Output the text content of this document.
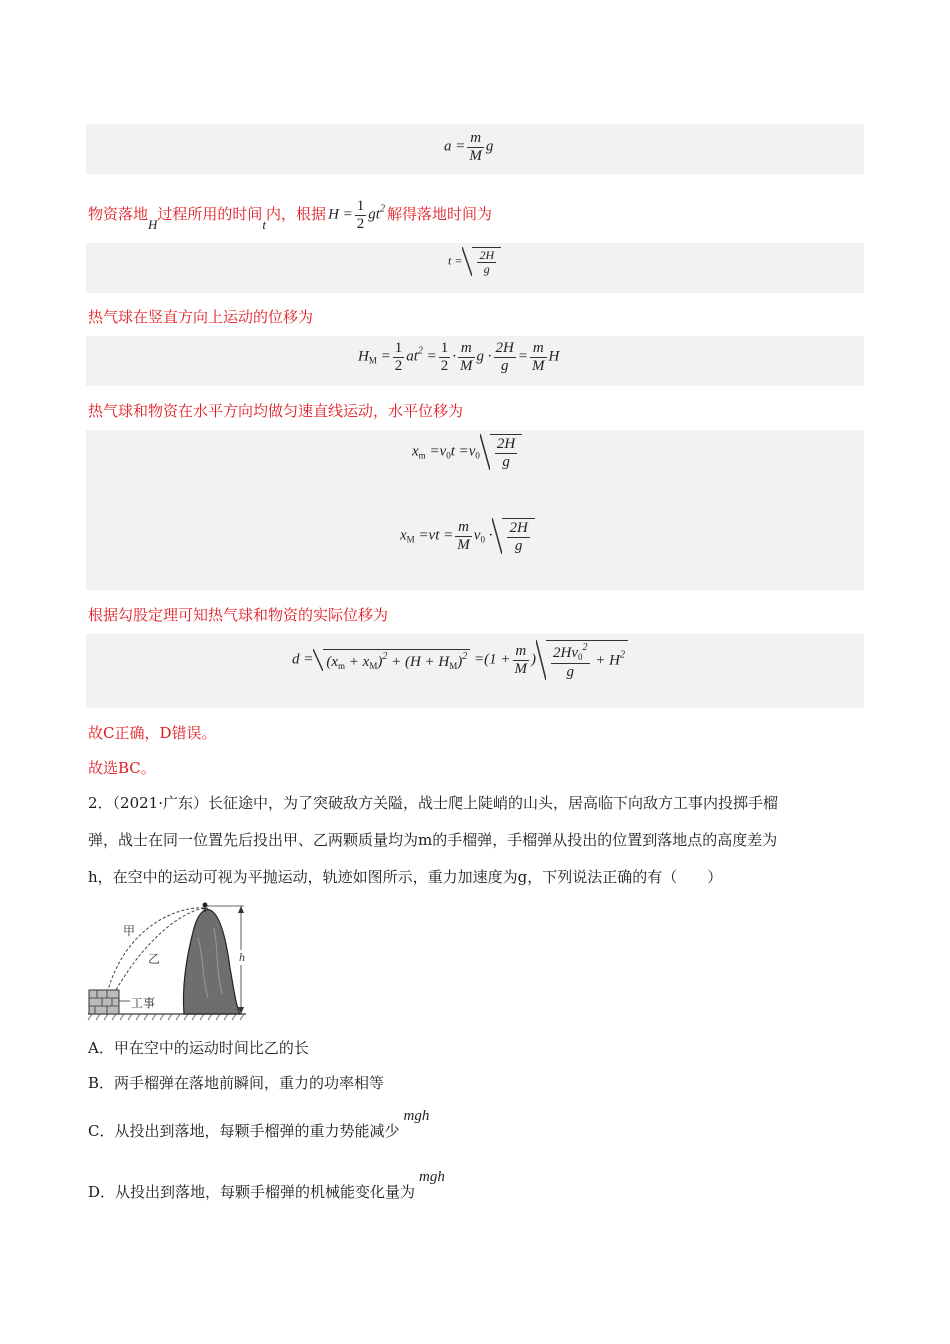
$a = \frac{m}{M}$ g
物资落地H过程所用的时间t内，根据 $H = \frac{1}{2} gt^2$ 解得落地时间为
$t = \frac{2H}{g}$
热气球在竖直方向上运动的位移为
$H_M = \frac{1}{2} at^2 = \frac{1}{2} \cdot \frac{m}{M}$ $g \cdot \frac{2H}{g} = \frac{m}{M}$ H
热气球和物资在水平方向均做匀速直线运动，水平位移为
$x_m =v_0t =v_0 \frac{2H}{g}$
$x_M =vt = \frac{m}{M} v_0 \cdot \frac{2H}{g}$
根据勾股定理可知热气球和物资的实际位移为
$d = (x_m + x_M)^2 + (H + H_M)^2 =(1 + \frac{m}{M}$ ) $\frac{2Hv_0^2}{g} + H^2$
故C正确，D错误。
故选BC。
2．（2021·广东）长征途中，为了突破敌方关隘，战士爬上陡峭的山头，居高临下向敌方工事内投掷手榴
弹，战士在同一位置先后投出甲、乙两颗质量均为m的手榴弹，手榴弹从投出的位置到落地点的高度差为
h，在空中的运动可视为平抛运动，轨迹如图所示，重力加速度为g，下列说法正确的有（　　）
甲
乙	h
工事
A．甲在空中的运动时间比乙的长
B．两手榴弹在落地前瞬间，重力的功率相等
C．从投出到落地，每颗手榴弹的重力势能减少mgh
D．从投出到落地，每颗手榴弹的机械能变化量为mgh
